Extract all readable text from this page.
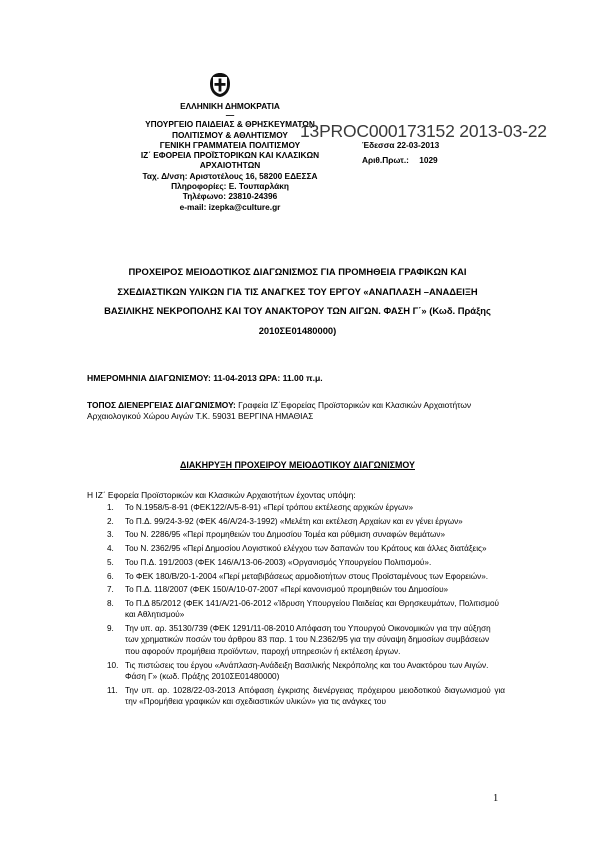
ΕΛΛΗΝΙΚΗ ΔΗΜΟΚΡΑΤΙΑ
—
ΥΠΟΥΡΓΕΙΟ ΠΑΙΔΕΙΑΣ & ΘΡΗΣΚΕΥΜΑΤΩΝ
ΠΟΛΙΤΙΣΜΟΥ & ΑΘΛΗΤΙΣΜΟΥ
ΓΕΝΙΚΗ ΓΡΑΜΜΑΤΕΙΑ ΠΟΛΙΤΙΣΜΟΥ
ΙΖ΄ ΕΦΟΡΕΙΑ ΠΡΟΪΣΤΟΡΙΚΩΝ ΚΑΙ ΚΛΑΣΙΚΩΝ
ΑΡΧΑΙΟΤΗΤΩΝ
Ταχ. Δ/νση: Αριστοτέλους 16, 58200 ΕΔΕΣΣΑ
Πληροφορίες: Ε. Τουπαρλάκη
Τηλέφωνο: 23810-24396
e-mail: izepka@culture.gr
13PROC000173152 2013-03-22
Έδεσσα 22-03-2013
Αριθ.Πρωτ.: 1029
ΠΡΟΧΕΙΡΟΣ ΜΕΙΟΔΟΤΙΚΟΣ ΔΙΑΓΩΝΙΣΜΟΣ ΓΙΑ ΠΡΟΜΗΘΕΙΑ ΓΡΑΦΙΚΩΝ ΚΑΙ
ΣΧΕΔΙΑΣΤΙΚΩΝ ΥΛΙΚΩΝ ΓΙΑ ΤΙΣ ΑΝΑΓΚΕΣ ΤΟΥ ΕΡΓΟΥ «ΑΝΑΠΛΑΣΗ –ΑΝΑΔΕΙΞΗ
ΒΑΣΙΛΙΚΗΣ ΝΕΚΡΟΠΟΛΗΣ ΚΑΙ ΤΟΥ ΑΝΑΚΤΟΡΟΥ ΤΩΝ ΑΙΓΩΝ. ΦΑΣΗ Γ΄» (Κωδ. Πράξης
2010ΣΕ01480000)
ΗΜΕΡΟΜΗΝΙΑ ΔΙΑΓΩΝΙΣΜΟΥ: 11-04-2013 ΩΡΑ: 11.00 π.μ.
ΤΟΠΟΣ ΔΙΕΝΕΡΓΕΙΑΣ ΔΙΑΓΩΝΙΣΜΟΥ: Γραφεία ΙΖ΄Εφορείας Προϊστορικών και Κλασικών Αρχαιοτήτων Αρχαιολογικού Χώρου Αιγών Τ.Κ. 59031 ΒΕΡΓΙΝΑ ΗΜΑΘΙΑΣ
ΔΙΑΚΗΡΥΞΗ ΠΡΟΧΕΙΡΟΥ ΜΕΙΟΔΟΤΙΚΟΥ ΔΙΑΓΩΝΙΣΜΟΥ
Η ΙΖ΄ Εφορεία Προϊστορικών και Κλασικών Αρχαιοτήτων έχοντας υπόψη:
1. Το Ν.1958/5-8-91 (ΦΕΚ122/Α/5-8-91) «Περί τρόπου εκτέλεσης αρχικών έργων»
2. Το Π.Δ. 99/24-3-92 (ΦΕΚ 46/Α/24-3-1992) «Μελέτη και εκτέλεση Αρχαίων και εν γένει έργων»
3. Του Ν. 2286/95 «Περί προμηθειών του Δημοσίου Τομέα και ρύθμιση συναφών θεμάτων»
4. Του Ν. 2362/95 «Περί Δημοσίου Λογιστικού ελέγχου των δαπανών του Κράτους και άλλες διατάξεις»
5. Του Π.Δ. 191/2003 (ΦΕΚ 146/Α/13-06-2003) «Οργανισμός Υπουργείου Πολιτισμού».
6. Το ΦΕΚ 180/Β/20-1-2004 «Περί μεταβιβάσεως αρμοδιοτήτων στους Προϊσταμένους των Εφορειών».
7. Το Π.Δ. 118/2007 (ΦΕΚ 150/Α/10-07-2007 «Περί κανονισμού προμηθειών του Δημοσίου»
8. Το Π.Δ 85/2012 (ΦΕΚ 141/Α/21-06-2012 «Ίδρυση Υπουργείου Παιδείας και Θρησκευμάτων, Πολιτισμού και Αθλητισμού»
9. Την υπ. αρ. 35130/739 (ΦΕΚ 1291/11-08-2010 Απόφαση του Υπουργού Οικονομικών για την αύξηση των χρηματικών ποσών του άρθρου 83 παρ. 1 του Ν.2362/95 για την σύναψη δημοσίων συμβάσεων που αφορούν προμήθεια προϊόντων, παροχή υπηρεσιών ή εκτέλεση έργων.
10. Τις πιστώσεις του έργου «Ανάπλαση-Ανάδειξη Βασιλικής Νεκρόπολης και του Ανακτόρου των Αιγών. Φάση Γ» (κωδ. Πράξης 2010ΣΕ01480000)
11. Την υπ. αρ. 1028/22-03-2013 Απόφαση έγκρισης διενέργειας πρόχειρου μειοδοτικού διαγωνισμού για την «Προμήθεια γραφικών και σχεδιαστικών υλικών» για τις ανάγκες του
1
